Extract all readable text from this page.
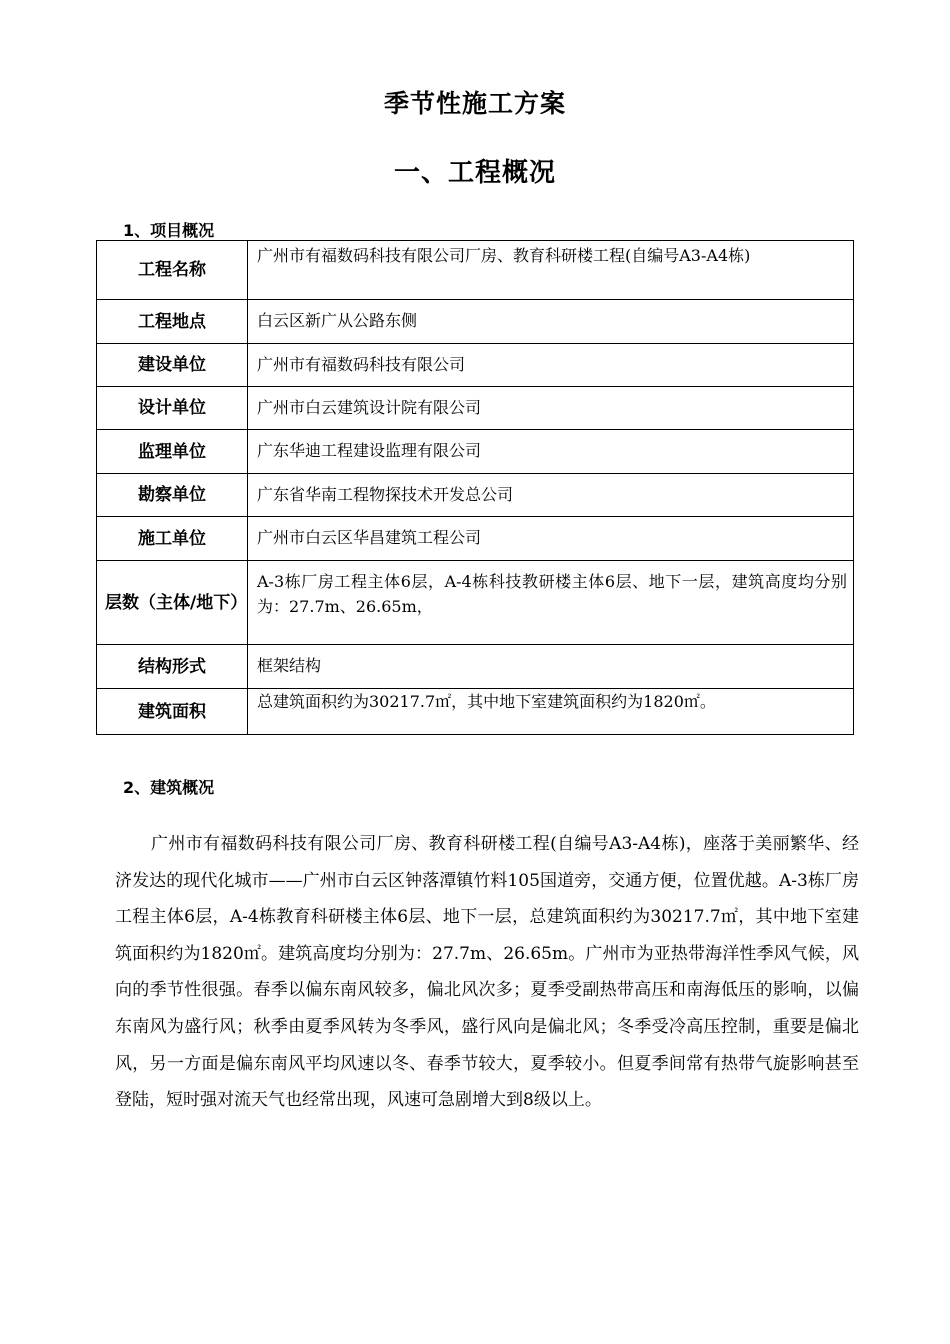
季节性施工方案
一、工程概况
1、项目概况
工程名称	广州市有福数码科技有限公司厂房、教育科研楼工程(自编号A3-A4栋)
工程地点	白云区新广从公路东侧
建设单位	广州市有福数码科技有限公司
设计单位	广州市白云建筑设计院有限公司
监理单位	广东华迪工程建设监理有限公司
勘察单位	广东省华南工程物探技术开发总公司
施工单位	广州市白云区华昌建筑工程公司
层数（主体/地下）	A-3栋厂房工程主体6层，A-4栋科技教研楼主体6层、地下一层，建筑高度均分别为：27.7m、26.65m，
结构形式	框架结构
建筑面积	总建筑面积约为30217.7㎡，其中地下室建筑面积约为1820㎡。
2、建筑概况
广州市有福数码科技有限公司厂房、教育科研楼工程(自编号A3-A4栋)，座落于美丽繁华、经济发达的现代化城市——广州市白云区钟落潭镇竹料105国道旁，交通方便，位置优越。A-3栋厂房工程主体6层，A-4栋教育科研楼主体6层、地下一层，总建筑面积约为30217.7㎡，其中地下室建筑面积约为1820㎡。建筑高度均分别为：27.7m、26.65m。广州市为亚热带海洋性季风气候，风向的季节性很强。春季以偏东南风较多，偏北风次多；夏季受副热带高压和南海低压的影响，以偏东南风为盛行风；秋季由夏季风转为冬季风，盛行风向是偏北风；冬季受冷高压控制，重要是偏北风，另一方面是偏东南风平均风速以冬、春季节较大，夏季较小。但夏季间常有热带气旋影响甚至登陆，短时强对流天气也经常出现，风速可急剧增大到8级以上。
